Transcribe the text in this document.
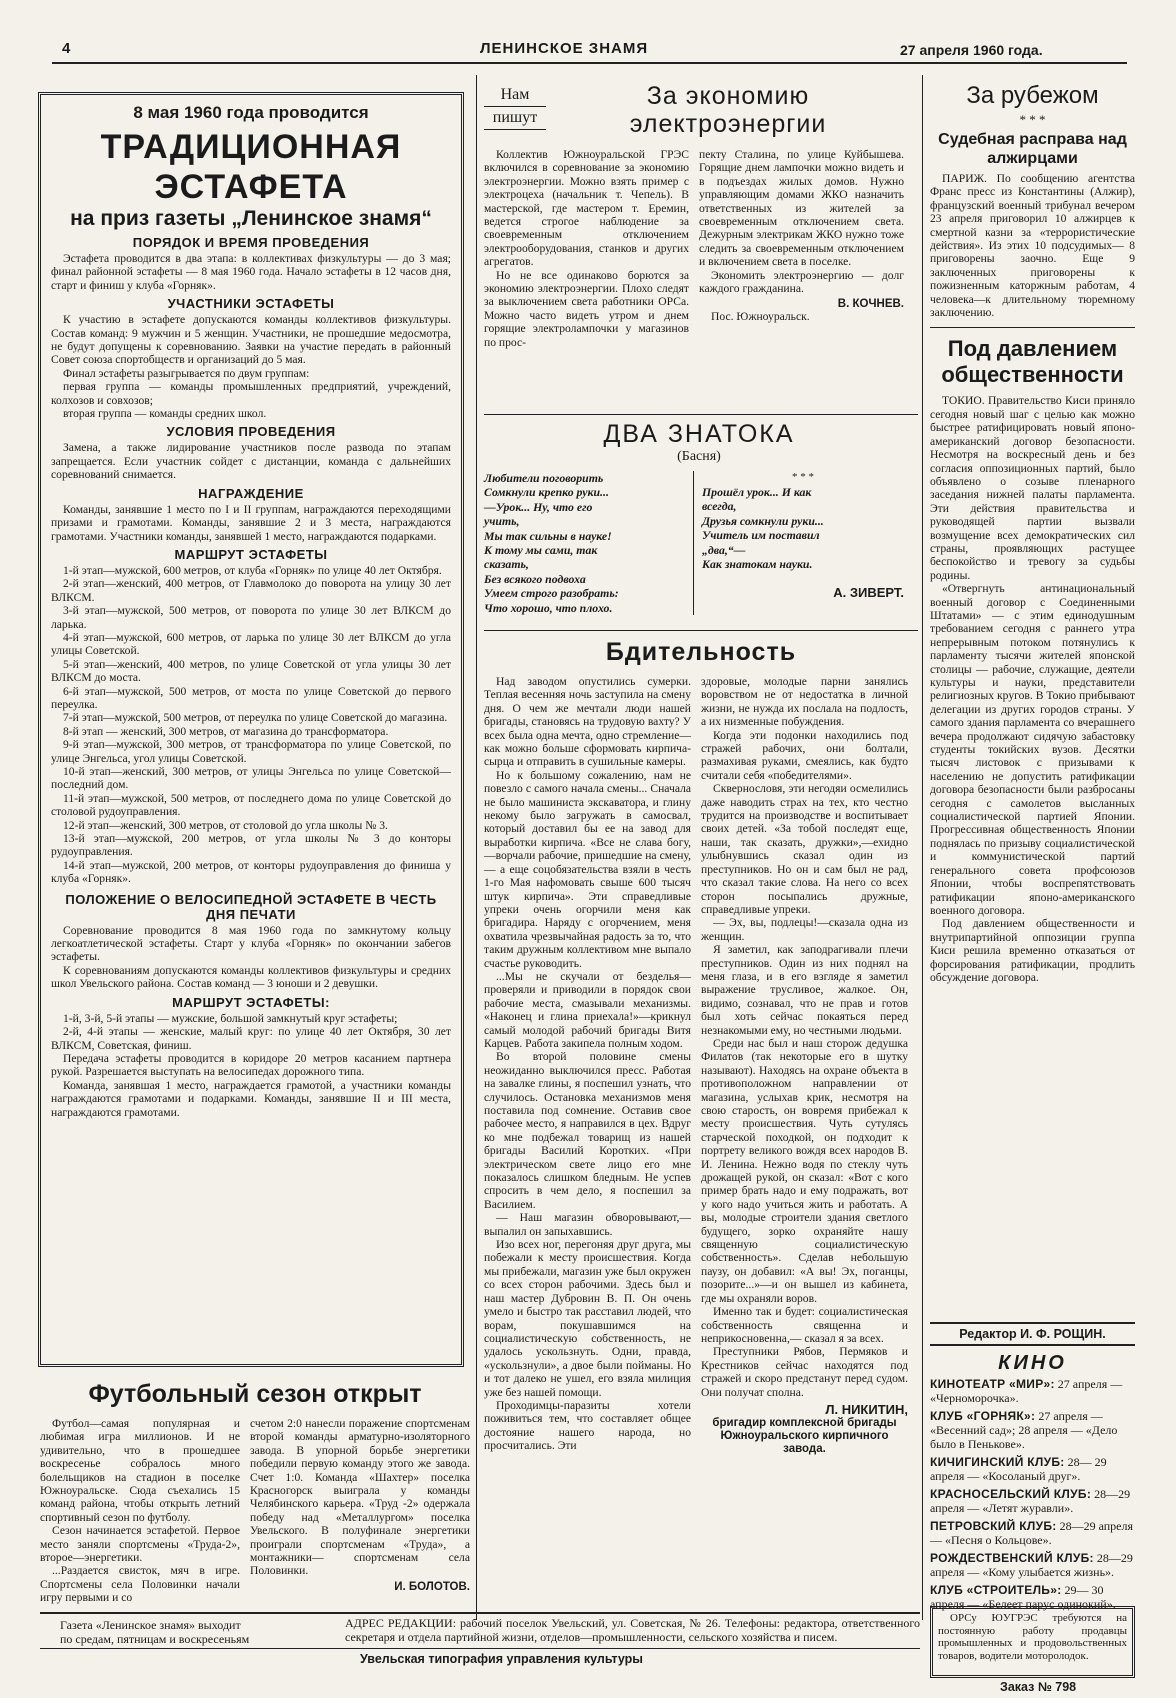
4	ЛЕНИНСКОЕ ЗНАМЯ	27 апреля 1960 года.
8 мая 1960 года проводится
ТРАДИЦИОННАЯ ЭСТАФЕТА
на приз газеты „Ленинское знамя“
ПОРЯДОК И ВРЕМЯ ПРОВЕДЕНИЯ

Эстафета проводится в два этапа: в коллективах физкультуры — до 3 мая; финал районной эстафеты — 8 мая 1960 года. Начало эстафеты в 12 часов дня, старт и финиш у клуба «Горняк».

УЧАСТНИКИ ЭСТАФЕТЫ

К участию в эстафете допускаются команды коллективов физкультуры. Состав команд: 9 мужчин и 5 женщин. Участники, не прошедшие медосмотра, не будут допущены к соревнованию. Заявки на участие передать в районный Совет союза спортобществ и организаций до 5 мая.

Финал эстафеты разыгрывается по двум группам:

первая группа — команды промышленных предприятий, учреждений, колхозов и совхозов;

вторая группа — команды средних школ.

УСЛОВИЯ ПРОВЕДЕНИЯ

Замена, а также лидирование участников после развода по этапам запрещается. Если участник сойдет с дистанции, команда с дальнейших соревнований снимается.

НАГРАЖДЕНИЕ

Команды, занявшие 1 место по I и II группам, награждаются переходящими призами и грамотами. Команды, занявшие 2 и 3 места, награждаются грамотами. Участники команды, занявшей 1 место, награждаются подарками.

МАРШРУТ ЭСТАФЕТЫ

1-й этап—мужской, 600 метров, от клуба «Горняк» по улице 40 лет Октября.

2-й этап—женский, 400 метров, от Главмолоко до поворота на улицу 30 лет ВЛКСМ.

3-й этап—мужской, 500 метров, от поворота по улице 30 лет ВЛКСМ до ларька.

4-й этап—мужской, 600 метров, от ларька по улице 30 лет ВЛКСМ до угла улицы Советской.

5-й этап—женский, 400 метров, по улице Советской от угла улицы 30 лет ВЛКСМ до моста.

6-й этап—мужской, 500 метров, от моста по улице Советской до первого переулка.

7-й этап—мужской, 500 метров, от переулка по улице Советской до магазина.

8-й этап — женский, 300 метров, от магазина до трансформатора.

9-й этап—мужской, 300 метров, от трансформатора по улице Советской, по улице Энгельса, угол улицы Советской.

10-й этап—женский, 300 метров, от улицы Энгельса по улице Советской—последний дом.

11-й этап—мужской, 500 метров, от последнего дома по улице Советской до столовой рудоуправления.

12-й этап—женский, 300 метров, от столовой до угла школы № 3.

13-й этап—мужской, 200 метров, от угла школы № 3 до конторы рудоуправления.

14-й этап—мужской, 200 метров, от конторы рудоуправления до финиша у клуба «Горняк».

ПОЛОЖЕНИЕ О ВЕЛОСИПЕДНОЙ ЭСТАФЕТЕ В ЧЕСТЬ ДНЯ ПЕЧАТИ

Соревнование проводится 8 мая 1960 года по замкнутому кольцу легкоатлетической эстафеты. Старт у клуба «Горняк» по окончании забегов эстафеты.

К соревнованиям допускаются команды коллективов физкультуры и средних школ Увельского района. Состав команд — 3 юноши и 2 девушки.

МАРШРУТ ЭСТАФЕТЫ:

1-й, 3-й, 5-й этапы — мужские, большой замкнутый круг эстафеты;

2-й, 4-й этапы — женские, малый круг: по улице 40 лет Октября, 30 лет ВЛКСМ, Советская, финиш.

Передача эстафеты проводится в коридоре 20 метров касанием партнера рукой. Разрешается выступать на велосипедах дорожного типа.

Команда, занявшая 1 место, награждается грамотой, а участники команды награждаются грамотами и подарками. Команды, занявшие II и III места, награждаются грамотами.

Футбольный сезон открыт

Футбол—самая популярная и любимая игра миллионов. И не удивительно, что в прошедшее воскресенье собралось много болельщиков на стадион в поселке Южноуральске. Сюда съехались 15 команд района, чтобы открыть летний спортивный сезон по футболу.

Сезон начинается эстафетой. Первое место заняли спортсмены «Труда-2», второе—энергетики.

...Раздается свисток, мяч в игре. Спортсмены села Половинки начали игру первыми и со

счетом 2:0 нанесли поражение спортсменам второй команды арматурно-изоляторного завода. В упорной борьбе энергетики победили первую команду этого же завода. Счет 1:0. Команда «Шахтер» поселка Красногорск выиграла у команды Челябинского карьера. «Труд -2» одержала победу над «Металлургом» поселка Увельского. В полуфинале энергетики проиграли спортсменам «Труда», а монтажники— спортсменам села Половинки.

И. БОЛОТОВ.
Нам
пишут
За экономию электроэнергии

Коллектив Южноуральской ГРЭС включился в соревнование за экономию электроэнергии. Можно взять пример с электроцеха (начальник т. Чепель). В мастерской, где мастером т. Еремин, ведется строгое наблюдение за своевременным отключением электрооборудования, станков и других агрегатов.

Но не все одинаково борются за экономию электроэнергии. Плохо следят за выключением света работники ОРСа. Можно часто видеть утром и днем горящие электролампочки у магазинов по прос-

пекту Сталина, по улице Куйбышева. Горящие днем лампочки можно видеть и в подъездах жилых домов. Нужно управляющим домами ЖКО назначить ответственных из жителей за своевременным отключением света. Дежурным электрикам ЖКО нужно тоже следить за своевременным отключением и включением света в поселке.

Экономить электроэнергию — долг каждого гражданина.

В. КОЧНЕВ.

Пос. Южноуральск.

ДВА ЗНАТОКА
(Басня)
Любители поговорить
Сомкнули крепко руки...
—Урок... Ну, что его
учить,
Мы так сильны в науке!
К тому мы сами, так
сказать,
Без всякого подвоха
Умеем строго разобрать:
Что хорошо, что плохо.
* * *
Прошёл урок... И как
всегда,
Друзья сомкнули руки...
Учитель им поставил
„два,“—
Как знатокам науки.
А. ЗИВЕРТ.
Бдительность

Над заводом опустились сумерки. Теплая весенняя ночь заступила на смену дня. О чем же мечтали люди нашей бригады, становясь на трудовую вахту? У всех была одна мечта, одно стремление—как можно больше сформовать кирпича-сырца и отправить в сушильные камеры.

Но к большому сожалению, нам не повезло с самого начала смены... Сначала не было машиниста экскаватора, и глину некому было загружать в самосвал, который доставил бы ее на завод для выработки кирпича. «Все не слава богу,—ворчали рабочие, пришедшие на смену, — а еще соцобязательства взяли в честь 1-го Мая нафомовать свыше 600 тысяч штук кирпича». Эти справедливые упреки очень огорчили меня как бригадира. Наряду с огорчением, меня охватила чрезвычайная радость за то, что таким дружным коллективом мне выпало счастье руководить.

...Мы не скучали от безделья—проверяли и приводили в порядок свои рабочие места, смазывали механизмы. «Наконец и глина приехала!»—крикнул самый молодой рабочий бригады Витя Карцев. Работа закипела полным ходом.

Во второй половине смены неожиданно выключился пресс. Работая на завалке глины, я поспешил узнать, что случилось. Остановка механизмов меня поставила под сомнение. Оставив свое рабочее место, я направился в цех. Вдруг ко мне подбежал товарищ из нашей бригады Василий Коротких. «При электрическом свете лицо его мне показалось слишком бледным. Не успев спросить в чем дело, я поспешил за Василием.

— Наш магазин обворовывают,—выпалил он запыхавшись.

Изо всех ног, перегоняя друг друга, мы побежали к месту происшествия. Когда мы прибежали, магазин уже был окружен со всех сторон рабочими. Здесь был и наш мастер Дубровин В. П. Он очень умело и быстро так расставил людей, что ворам, покушавшимся на социалистическую собственность, не удалось ускользнуть. Одни, правда, «ускользнули», а двое были пойманы. Но и тот далеко не ушел, его взяла милиция уже без нашей помощи.

Проходимцы-паразиты хотели поживиться тем, что составляет общее достояние нашего народа, но просчитались. Эти

здоровые, молодые парни занялись воровством не от недостатка в личной жизни, не нужда их послала на подлость, а их низменные побуждения.

Когда эти подонки находились под стражей рабочих, они болтали, размахивая руками, смеялись, как будто считали себя «победителями».

Сквернословя, эти негодяи осмелились даже наводить страх на тех, кто честно трудится на производстве и воспитывает своих детей. «За тобой последят еще, наши, так сказать, дружки»,—ехидно улыбнувшись сказал один из преступников. Но он и сам был не рад, что сказал такие слова. На него со всех сторон посыпались дружные, справедливые упреки.

— Эх, вы, подлецы!—сказала одна из женщин.

Я заметил, как заподрагивали плечи преступников. Один из них поднял на меня глаза, и в его взгляде я заметил выражение трусливое, жалкое. Он, видимо, сознавал, что не прав и готов был хоть сейчас покаяться перед незнакомыми ему, но честными людьми.

Среди нас был и наш сторож дедушка Филатов (так некоторые его в шутку называют). Находясь на охране объекта в противоположном направлении от магазина, услыхав крик, несмотря на свою старость, он вовремя прибежал к месту происшествия. Чуть сутулясь старческой походкой, он подходит к портрету великого вождя всех народов В. И. Ленина. Нежно водя по стеклу чуть дрожащей рукой, он сказал: «Вот с кого пример брать надо и ему подражать, вот у кого надо учиться жить и работать. А вы, молодые строители здания светлого будущего, зорко охраняйте нашу священную социалистическую собственность». Сделав небольшую паузу, он добавил: «А вы! Эх, поганцы, позорите...»—и он вышел из кабинета, где мы охраняли воров.

Именно так и будет: социалистическая собственность священна и неприкосновенна,— сказал я за всех.

Преступники Рябов, Пермяков и Крестников сейчас находятся под стражей и скоро предстанут перед судом. Они получат сполна.

Л. НИКИТИН,
бригадир комплексной бригады Южноуральского кирпичного завода.
За рубежом
* * *
Судебная расправа над алжирцами

ПАРИЖ. По сообщению агентства Франс пресс из Константины (Алжир), французский военный трибунал вечером 23 апреля приговорил 10 алжирцев к смертной казни за «террористические действия». Из этих 10 подсудимых— 8 приговорены заочно. Еще 9 заключенных приговорены к пожизненным каторжным работам, 4 человека—к длительному тюремному заключению.

Под давлением общественности

ТОКИО. Правительство Киси приняло сегодня новый шаг с целью как можно быстрее ратифицировать новый японо-американский договор безопасности. Несмотря на воскресный день и без согласия оппозиционных партий, было объявлено о созыве пленарного заседания нижней палаты парламента. Эти действия правительства и руководящей партии вызвали возмущение всех демократических сил страны, проявляющих растущее беспокойство и тревогу за судьбы родины.

«Отвергнуть антинациональный военный договор с Соединенными Штатами» — с этим единодушным требованием сегодня с раннего утра непрерывным потоком потянулись к парламенту тысячи жителей японской столицы — рабочие, служащие, деятели культуры и науки, представители религиозных кругов. В Токио прибывают делегации из других городов страны. У самого здания парламента со вчерашнего вечера продолжают сидячую забастовку студенты токийских вузов. Десятки тысяч листовок с призывами к населению не допустить ратификации договора безопасности были разбросаны сегодня с самолетов высланных социалистической партией Японии. Прогрессивная общественность Японии поднялась по призыву социалистической и коммунистической партий генерального совета профсоюзов Японии, чтобы воспрепятствовать ратификации японо-американского военного договора.

Под давлением общественности и внутрипартийной оппозиции группа Киси решила временно отказаться от форсирования ратификации, продлить обсуждение договора.

Редактор И. Ф. РОЩИН.
КИНО
КИНОТЕАТР «МИР»: 27 апреля — «Черноморочка».
КЛУБ «ГОРНЯК»: 27 апреля — «Весенний сад»; 28 апреля — «Дело было в Пенькове».
КИЧИГИНСКИЙ КЛУБ: 28— 29 апреля — «Косоланый друг».
КРАСНОСЕЛЬСКИЙ КЛУБ: 28—29 апреля — «Летят журавли».
ПЕТРОВСКИЙ КЛУБ: 28—29 апреля — «Песня о Кольцове».
РОЖДЕСТВЕНСКИЙ КЛУБ: 28—29 апреля — «Кому улыбается жизнь».
КЛУБ «СТРОИТЕЛЬ»: 29— 30 апреля — «Белеет парус одинокий».

ОРСу ЮУГРЭС требуются на постоянную работу продавцы промышленных и продовольственных товаров, водители моторолодок.

Газета «Ленинское знамя» выходит
по средам, пятницам и воскресеньям
АДРЕС РЕДАКЦИИ: рабочий поселок Увельский, ул. Советская, № 26. Телефоны: редактора, ответственного секретаря и отдела партийной жизни, отделов—промышленности, сельского хозяйства и писем.
Увельская типография управления культуры
Заказ № 798
